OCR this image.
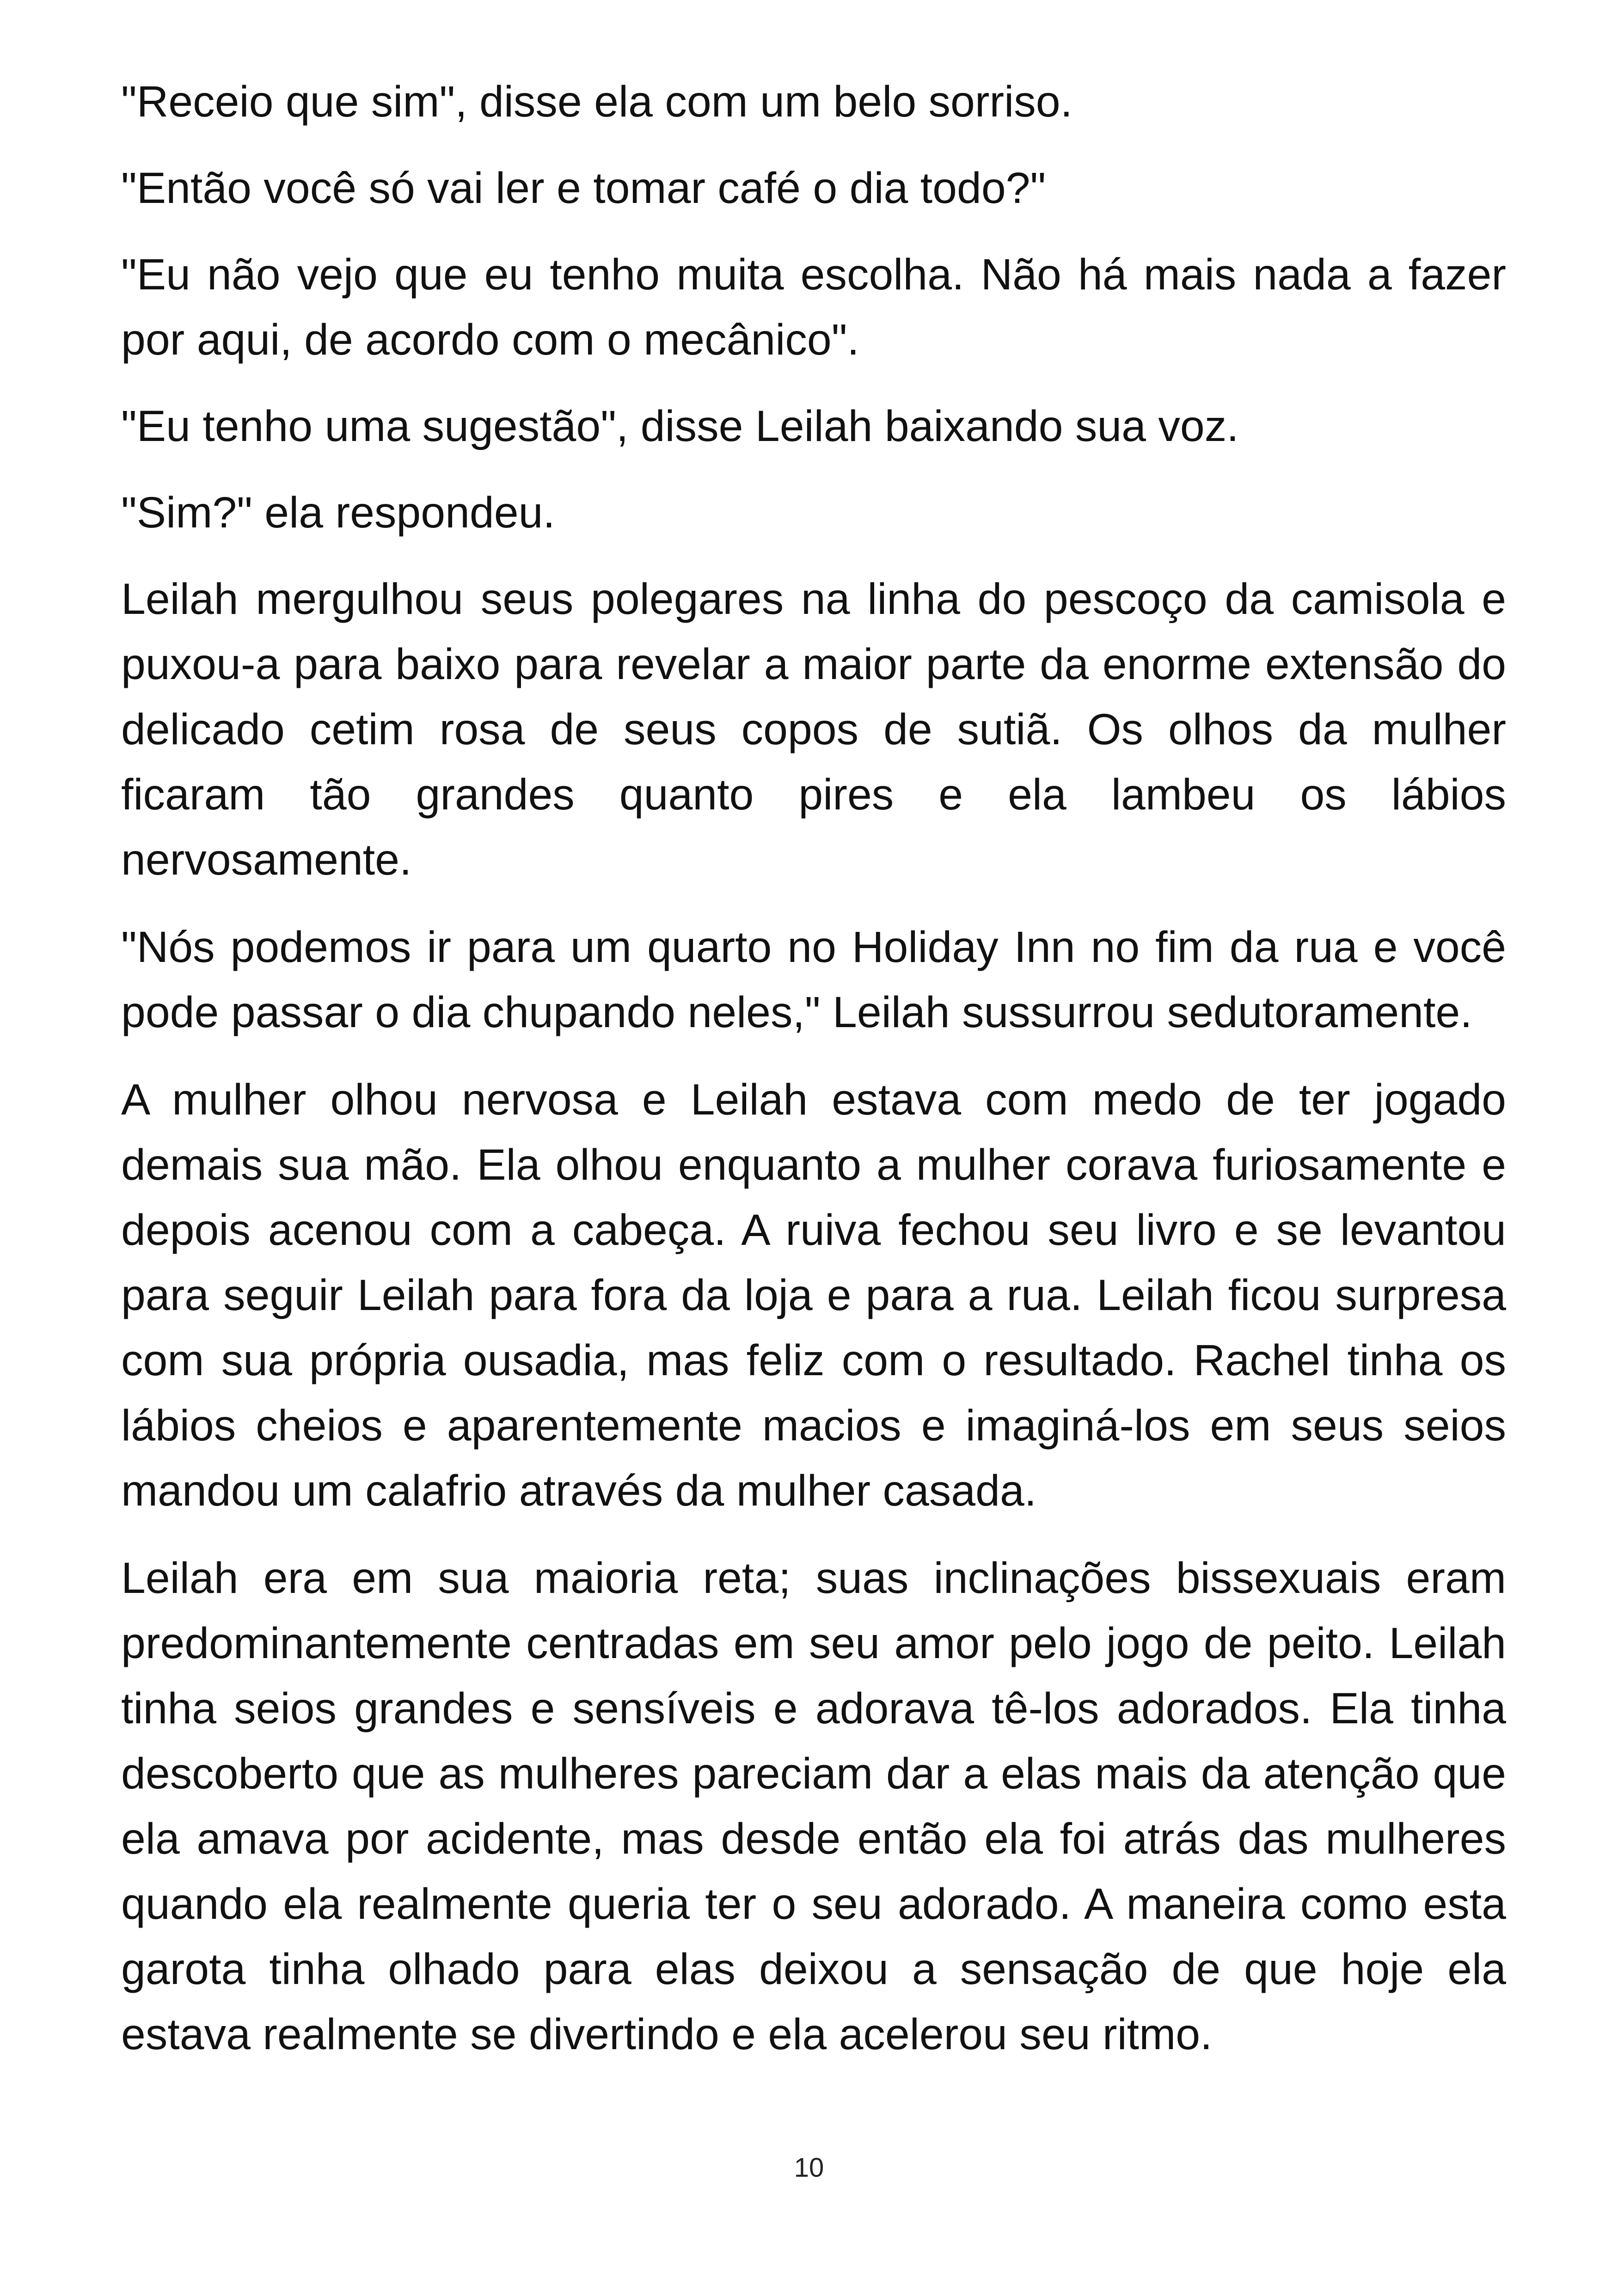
"Receio que sim", disse ela com um belo sorriso.

"Então você só vai ler e tomar café o dia todo?"

"Eu não vejo que eu tenho muita escolha. Não há mais nada a fazer por aqui, de acordo com o mecânico".

"Eu tenho uma sugestão", disse Leilah baixando sua voz.

"Sim?" ela respondeu.

Leilah mergulhou seus polegares na linha do pescoço da camisola e puxou-a para baixo para revelar a maior parte da enorme extensão do delicado cetim rosa de seus copos de sutiã. Os olhos da mulher ficaram tão grandes quanto pires e ela lambeu os lábios nervosamente.

"Nós podemos ir para um quarto no Holiday Inn no fim da rua e você pode passar o dia chupando neles," Leilah sussurrou sedutoramente.

A mulher olhou nervosa e Leilah estava com medo de ter jogado demais sua mão. Ela olhou enquanto a mulher corava furiosamente e depois acenou com a cabeça. A ruiva fechou seu livro e se levantou para seguir Leilah para fora da loja e para a rua. Leilah ficou surpresa com sua própria ousadia, mas feliz com o resultado. Rachel tinha os lábios cheios e aparentemente macios e imaginá-los em seus seios mandou um calafrio através da mulher casada.

Leilah era em sua maioria reta; suas inclinações bissexuais eram predominantemente centradas em seu amor pelo jogo de peito. Leilah tinha seios grandes e sensíveis e adorava tê-los adorados. Ela tinha descoberto que as mulheres pareciam dar a elas mais da atenção que ela amava por acidente, mas desde então ela foi atrás das mulheres quando ela realmente queria ter o seu adorado. A maneira como esta garota tinha olhado para elas deixou a sensação de que hoje ela estava realmente se divertindo e ela acelerou seu ritmo.

10
